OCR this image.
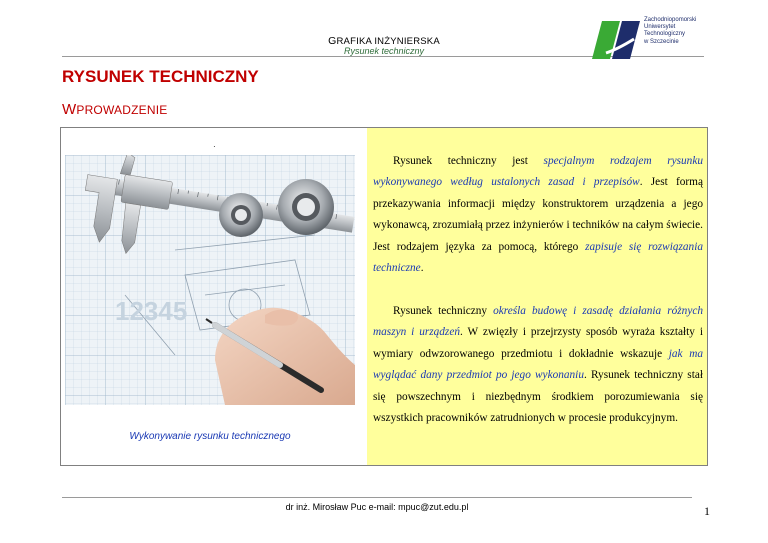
GRAFIKA INŻYNIERSKA
Rysunek techniczny
Zachodniopomorski
Uniwersytet
Technologiczny
w Szczecinie
RYSUNEK TECHNICZNY
WPROWADZENIE
·
12345
Wykonywanie rysunku technicznego
Rysunek techniczny jest specjalnym rodzajem rysunku wykonywanego według ustalonych zasad i przepisów. Jest formą przekazywania informacji między konstruktorem urządzenia a jego wykonawcą, zrozumiałą przez inżynierów i techników na całym świecie. Jest rodzajem języka za pomocą, którego zapisuje się rozwiązania techniczne.
Rysunek techniczny określa budowę i zasadę działania różnych maszyn i urządzeń. W zwięzły i przejrzysty sposób wyraża kształty i wymiary odwzorowanego przedmiotu i dokładnie wskazuje jak ma wyglądać dany przedmiot po jego wykonaniu. Rysunek techniczny stał się powszechnym i niezbędnym środkiem porozumiewania się wszystkich pracowników zatrudnionych w procesie produkcyjnym.
dr inż. Mirosław Puc e-mail: mpuc@zut.edu.pl	1
